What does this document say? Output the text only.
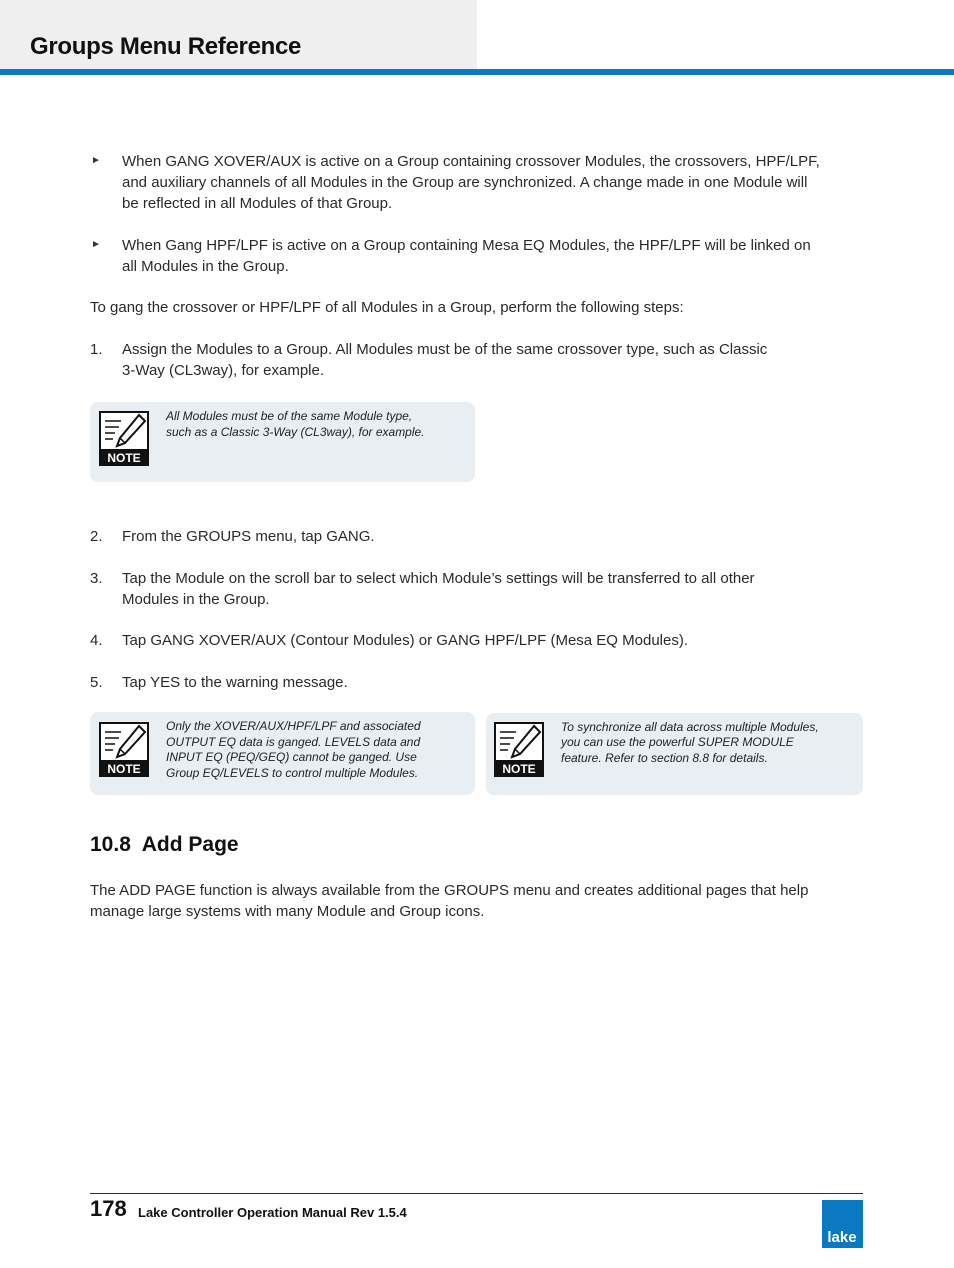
Groups Menu Reference
► When GANG XOVER/AUX is active on a Group containing crossover Modules, the crossovers, HPF/LPF,
and auxiliary channels of all Modules in the Group are synchronized. A change made in one Module will
be reflected in all Modules of that Group.
► When Gang HPF/LPF is active on a Group containing Mesa EQ Modules, the HPF/LPF will be linked on
all Modules in the Group.
To gang the crossover or HPF/LPF of all Modules in a Group, perform the following steps:
1. Assign the Modules to a Group. All Modules must be of the same crossover type, such as Classic
3-Way (CL3way), for example.
NOTE
All Modules must be of the same Module type,
such as a Classic 3-Way (CL3way), for example.
2. From the GROUPS menu, tap GANG.
3. Tap the Module on the scroll bar to select which Module’s settings will be transferred to all other
Modules in the Group.
4. Tap GANG XOVER/AUX (Contour Modules) or GANG HPF/LPF (Mesa EQ Modules).
5. Tap YES to the warning message.
NOTE
Only the XOVER/AUX/HPF/LPF and associated
OUTPUT EQ data is ganged. LEVELS data and
INPUT EQ (PEQ/GEQ) cannot be ganged. Use
Group EQ/LEVELS to control multiple Modules.	NOTE
To synchronize all data across multiple Modules,
you can use the powerful SUPER MODULE
feature. Refer to section 8.8 for details.
10.8  Add Page
The ADD PAGE function is always available from the GROUPS menu and creates additional pages that help
manage large systems with many Module and Group icons.
178 Lake Controller Operation Manual Rev 1.5.4
lake
